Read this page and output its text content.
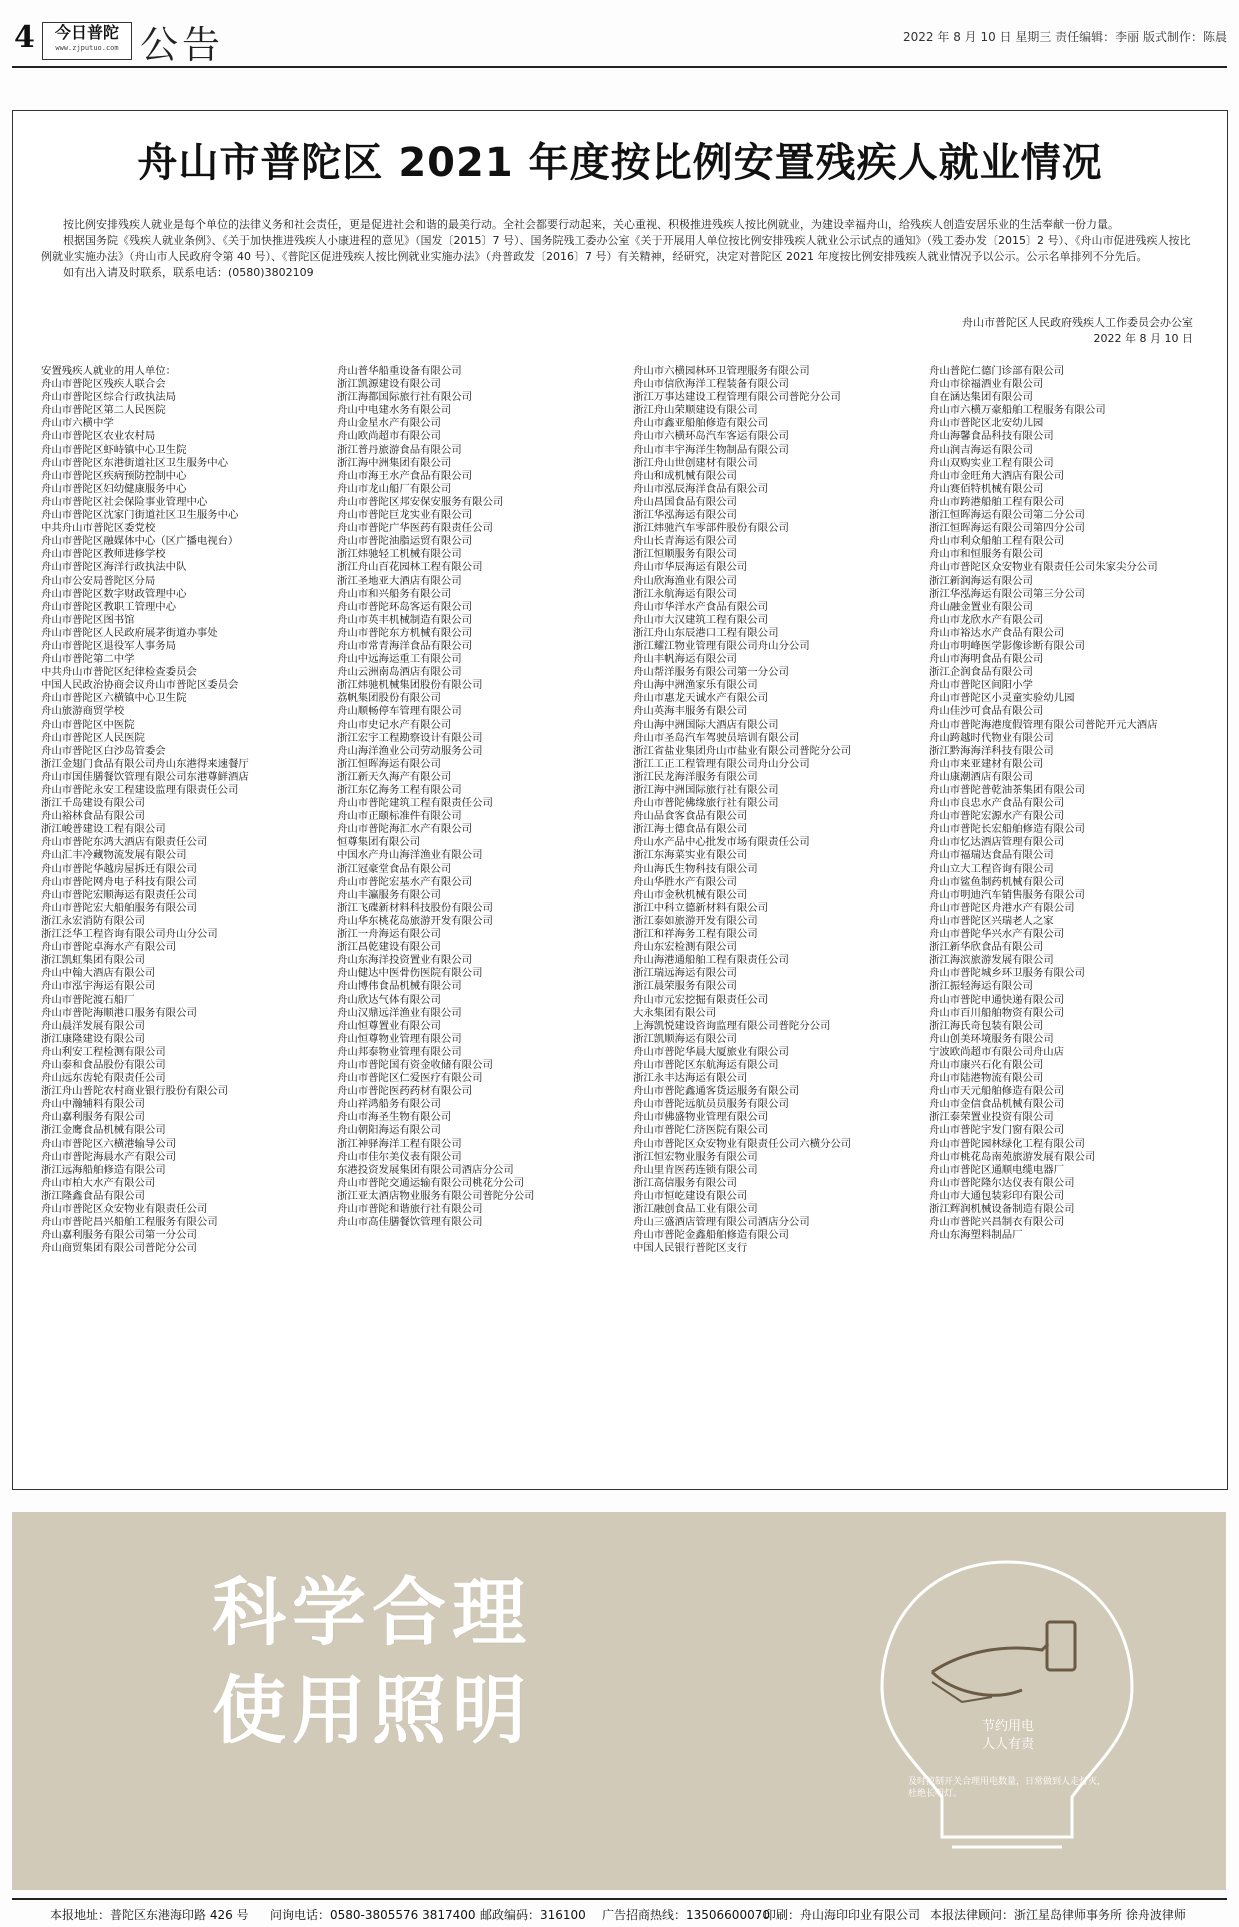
4	今日普陀
www.zjputuo.com 公告	2022 年 8 月 10 日 星期三 责任编辑：李丽 版式制作：陈晨
舟山市普陀区 2021 年度按比例安置残疾人就业情况

按比例安排残疾人就业是每个单位的法律义务和社会责任，更是促进社会和谐的最美行动。全社会都要行动起来，关心重视、积极推进残疾人按比例就业，为建设幸福舟山，给残疾人创造安居乐业的生活奉献一份力量。

根据国务院《残疾人就业条例》、《关于加快推进残疾人小康进程的意见》（国发〔2015〕7 号）、国务院残工委办公室《关于开展用人单位按比例安排残疾人就业公示试点的通知》（残工委办发〔2015〕2 号）、《舟山市促进残疾人按比例就业实施办法》（舟山市人民政府令第 40 号）、《普陀区促进残疾人按比例就业实施办法》（舟普政发〔2016〕7 号）有关精神，经研究，决定对普陀区 2021 年度按比例安排残疾人就业情况予以公示。公示名单排列不分先后。

如有出入请及时联系，联系电话：(0580)3802109

舟山市普陀区人民政府残疾人工作委员会办公室
2022 年 8 月 10 日
安置残疾人就业的用人单位：
舟山市普陀区残疾人联合会
舟山市普陀区综合行政执法局
舟山市普陀区第二人民医院
舟山市六横中学
舟山市普陀区农业农村局
舟山市普陀区虾峙镇中心卫生院
舟山市普陀区东港街道社区卫生服务中心
舟山市普陀区疾病预防控制中心
舟山市普陀区妇幼健康服务中心
舟山市普陀区社会保险事业管理中心
舟山市普陀区沈家门街道社区卫生服务中心
中共舟山市普陀区委党校
舟山市普陀区融媒体中心（区广播电视台）
舟山市普陀区教师进修学校
舟山市普陀区海洋行政执法中队
舟山市公安局普陀区分局
舟山市普陀区数字财政管理中心
舟山市普陀区教职工管理中心
舟山市普陀区图书馆
舟山市普陀区人民政府展茅街道办事处
舟山市普陀区退役军人事务局
舟山市普陀第二中学
中共舟山市普陀区纪律检查委员会
中国人民政治协商会议舟山市普陀区委员会
舟山市普陀区六横镇中心卫生院
舟山旅游商贸学校
舟山市普陀区中医院
舟山市普陀区人民医院
舟山市普陀区白沙岛管委会
浙江金翅门食品有限公司舟山东港得来速餐厅
舟山市国佳膳餐饮管理有限公司东港尊鲜酒店
舟山市普陀永安工程建设监理有限责任公司
浙江千岛建设有限公司
舟山裕林食品有限公司
浙江峻普建设工程有限公司
舟山市普陀东鸿大酒店有限责任公司
舟山汇丰冷藏物流发展有限公司
舟山市普陀华越房屋拆迁有限公司
舟山市普陀网舟电子科技有限公司
舟山市普陀宏顺海运有限责任公司
舟山市普陀宏大船舶服务有限公司
浙江永宏消防有限公司
浙江泛华工程咨询有限公司舟山分公司
舟山市普陀卓海水产有限公司
浙江凯虹集团有限公司
舟山中翰大酒店有限公司
舟山市泓宇海运有限公司
舟山市普陀渡石船厂
舟山市普陀海顺港口服务有限公司
舟山晨洋发展有限公司
浙江康隆建设有限公司
舟山利安工程检测有限公司
舟山泰和食品股份有限公司
舟山远东齿轮有限责任公司
浙江舟山普陀农村商业银行股份有限公司
舟山中瀚辅料有限公司
舟山嘉利服务有限公司
浙江金鹰食品机械有限公司
舟山市普陀区六横港输导公司
舟山市普陀海晨水产有限公司
浙江远海船舶修造有限公司
舟山市柏大水产有限公司
浙江隆鑫食品有限公司
舟山市普陀区众安物业有限责任公司
舟山市普陀昌兴船舶工程服务有限公司
舟山嘉利服务有限公司第一分公司
舟山商贸集团有限公司普陀分公司
舟山普华船重设备有限公司
浙江凯源建设有限公司
浙江海都国际旅行社有限公司
舟山中电建水务有限公司
舟山金星水产有限公司
舟山欧尚超市有限公司
浙江普丹旅游食品有限公司
浙江海中洲集团有限公司
舟山市海王水产食品有限公司
舟山市龙山船厂有限公司
舟山市普陀区邦安保安服务有限公司
舟山市普陀巨龙实业有限公司
舟山市普陀广华医药有限责任公司
舟山市普陀油脂运贸有限公司
浙江炜驰轻工机械有限公司
浙江舟山百花园林工程有限公司
浙江圣地亚大酒店有限公司
舟山市和兴船务有限公司
舟山市普陀环岛客运有限公司
舟山市英丰机械制造有限公司
舟山市普陀东方机械有限公司
舟山市常青海洋食品有限公司
舟山中远海运重工有限公司
舟山云洲南岛酒店有限公司
浙江炜驰机械集团股份有限公司
荔帆集团股份有限公司
舟山顺畅停车管理有限公司
舟山市史记水产有限公司
浙江宏宇工程勘察设计有限公司
舟山海洋渔业公司劳动服务公司
浙江恒晖海运有限公司
浙江新天久海产有限公司
浙江东亿海务工程有限公司
舟山市普陀建筑工程有限责任公司
舟山市正颐标准件有限公司
舟山市普陀海汇水产有限公司
恒尊集团有限公司
中国水产舟山海洋渔业有限公司
浙江冠豪堂食品有限公司
舟山市普陀宏基水产有限公司
舟山丰瀛服务有限公司
浙江飞碟新材料科技股份有限公司
舟山华东桃花岛旅游开发有限公司
浙江一舟海运有限公司
浙江昌乾建设有限公司
舟山东海洋投资置业有限公司
舟山健达中医骨伤医院有限公司
舟山博伟食品机械有限公司
舟山欣达气体有限公司
舟山汉鼎远洋渔业有限公司
舟山恒尊置业有限公司
舟山恒尊物业管理有限公司
舟山邦泰物业管理有限公司
舟山市普陀国有资金收储有限公司
舟山市普陀区仁爱医疗有限公司
舟山市普陀医药药材有限公司
舟山祥鸿船务有限公司
舟山市海圣生物有限公司
舟山朝阳海运有限公司
浙江神驿海洋工程有限公司
舟山市佳尔美仪表有限公司
东港投资发展集团有限公司酒店分公司
舟山市普陀交通运输有限公司桃花分公司
浙江亚太酒店物业服务有限公司普陀分公司
舟山市普陀和谐旅行社有限公司
舟山市高佳膳餐饮管理有限公司
舟山市六横园林环卫管理服务有限公司
舟山市信欣海洋工程装备有限公司
浙江万事达建设工程管理有限公司普陀分公司
浙江舟山荣顺建设有限公司
舟山市鑫亚船舶修造有限公司
舟山市六横环岛汽车客运有限公司
舟山市丰宇海洋生物制品有限公司
浙江舟山世创建材有限公司
舟山和成机械有限公司
舟山市泓辰海洋食品有限公司
舟山昌国食品有限公司
浙江华泓海运有限公司
浙江炜驰汽车零部件股份有限公司
舟山长青海运有限公司
浙江恒顺服务有限公司
舟山市华辰海运有限公司
舟山欣海渔业有限公司
浙江永航海运有限公司
舟山市华洋水产食品有限公司
舟山市大汉建筑工程有限公司
浙江舟山东辰港口工程有限公司
浙江耀江物业管理有限公司舟山分公司
舟山丰帆海运有限公司
舟山帮洋服务有限公司第一分公司
舟山海中洲渔家乐有限公司
舟山市惠龙天诚水产有限公司
舟山英海丰服务有限公司
舟山海中洲国际大酒店有限公司
舟山市圣岛汽车驾驶员培训有限公司
浙江省盐业集团舟山市盐业有限公司普陀分公司
浙江工正工程管理有限公司舟山分公司
浙江民龙海洋服务有限公司
浙江海中洲国际旅行社有限公司
舟山市普陀佛缘旅行社有限公司
舟山品食客食品有限公司
浙江海士德食品有限公司
舟山水产品中心批发市场有限责任公司
浙江东海菜实业有限公司
舟山海氏生物科技有限公司
舟山华胜水产有限公司
舟山市金秋机械有限公司
浙江中科立德新材料有限公司
浙江泰如旅游开发有限公司
浙江和祥海务工程有限公司
舟山东宏检测有限公司
舟山海港通船舶工程有限责任公司
浙江瑞远海运有限公司
浙江晨荣服务有限公司
舟山市元宏挖掘有限责任公司
大永集团有限公司
上海凯悦建设咨询监理有限公司普陀分公司
浙江凯顺海运有限公司
舟山市普陀华晨大厦旅业有限公司
舟山市普陀区东航海运有限公司
浙江永丰达海运有限公司
舟山市普陀鑫通客货运服务有限公司
舟山市普陀远航员员服务有限公司
舟山市佛盛物业管理有限公司
舟山市普陀仁济医院有限公司
舟山市普陀区众安物业有限责任公司六横分公司
浙江恒宏物业服务有限公司
舟山里肯医药连锁有限公司
浙江高信服务有限公司
舟山市恒屹建设有限公司
浙江融创食品工业有限公司
舟山三盛酒店管理有限公司酒店分公司
舟山市普陀金鑫船舶修造有限公司
中国人民银行普陀区支行
舟山普陀仁德门诊部有限公司
舟山市徐福酒业有限公司
自在涵达集团有限公司
舟山市六横万豪船舶工程服务有限公司
舟山市普陀区北安幼儿园
舟山海馨食品科技有限公司
舟山润吉海运有限公司
舟山双购实业工程有限公司
舟山市金旺角大酒店有限公司
舟山赛佰特机械有限公司
舟山市跨港船舶工程有限公司
浙江恒晖海运有限公司第二分公司
浙江恒晖海运有限公司第四分公司
舟山市利众船舶工程有限公司
舟山市和恒服务有限公司
舟山市普陀区众安物业有限责任公司朱家尖分公司
浙江新润海运有限公司
浙江华泓海运有限公司第三分公司
舟山融金置业有限公司
舟山市龙欣水产有限公司
舟山市裕达水产食品有限公司
舟山市明峰医学影像诊断有限公司
舟山市海明食品有限公司
浙江企润食品有限公司
舟山市普陀区间阳小学
舟山市普陀区小灵童实验幼儿园
舟山佳沙可食品有限公司
舟山市普陀海港度假管理有限公司普陀开元大酒店
舟山跨越时代物业有限公司
浙江黔海海洋科技有限公司
舟山市来亚建材有限公司
舟山康潮酒店有限公司
舟山市普陀普乾油茶集团有限公司
舟山市良忠水产食品有限公司
舟山市普陀宏源水产有限公司
舟山市普陀长宏船舶修造有限公司
舟山市忆达酒店管理有限公司
舟山市福瑞达食品有限公司
舟山立大工程咨询有限公司
舟山市鲨鱼制药机械有限公司
舟山市明迪汽车销售服务有限公司
舟山市普陀区舟港水产有限公司
舟山市普陀区兴瑞老人之家
舟山市普陀华兴水产有限公司
浙江新华欣食品有限公司
浙江海滨旅游发展有限公司
舟山市普陀城乡环卫服务有限公司
浙江振轻海运有限公司
舟山市普陀申通快递有限公司
舟山市百川船舶物资有限公司
浙江海氏奇包装有限公司
舟山创美环境服务有限公司
宁波欧尚超市有限公司舟山店
舟山市康兴石化有限公司
舟山市陆港物流有限公司
舟山市天元船舶修造有限公司
舟山市金信食品机械有限公司
浙江泰荣置业投资有限公司
舟山市普陀宇发门窗有限公司
舟山市普陀园林绿化工程有限公司
舟山市桃花岛南苑旅游发展有限公司
舟山市普陀区通顺电缆电器厂
舟山市普陀隆尔达仪表有限公司
舟山市大通包装彩印有限公司
浙江辉润机械设备制造有限公司
舟山市普陀兴昌制衣有限公司
舟山东海塑料制品厂
科学合理
使用照明	节约用电
人人有责
及时控制开关合理用电数量，日常做到人走灯灭，
杜绝长明灯。
本报地址：普陀区东港海印路 426 号 问询电话：0580-3805576 3817400 邮政编码：316100 广告招商热线：13506600070
印刷：舟山海印印业有限公司 本报法律顾问：浙江星岛律师事务所 徐舟波律师
